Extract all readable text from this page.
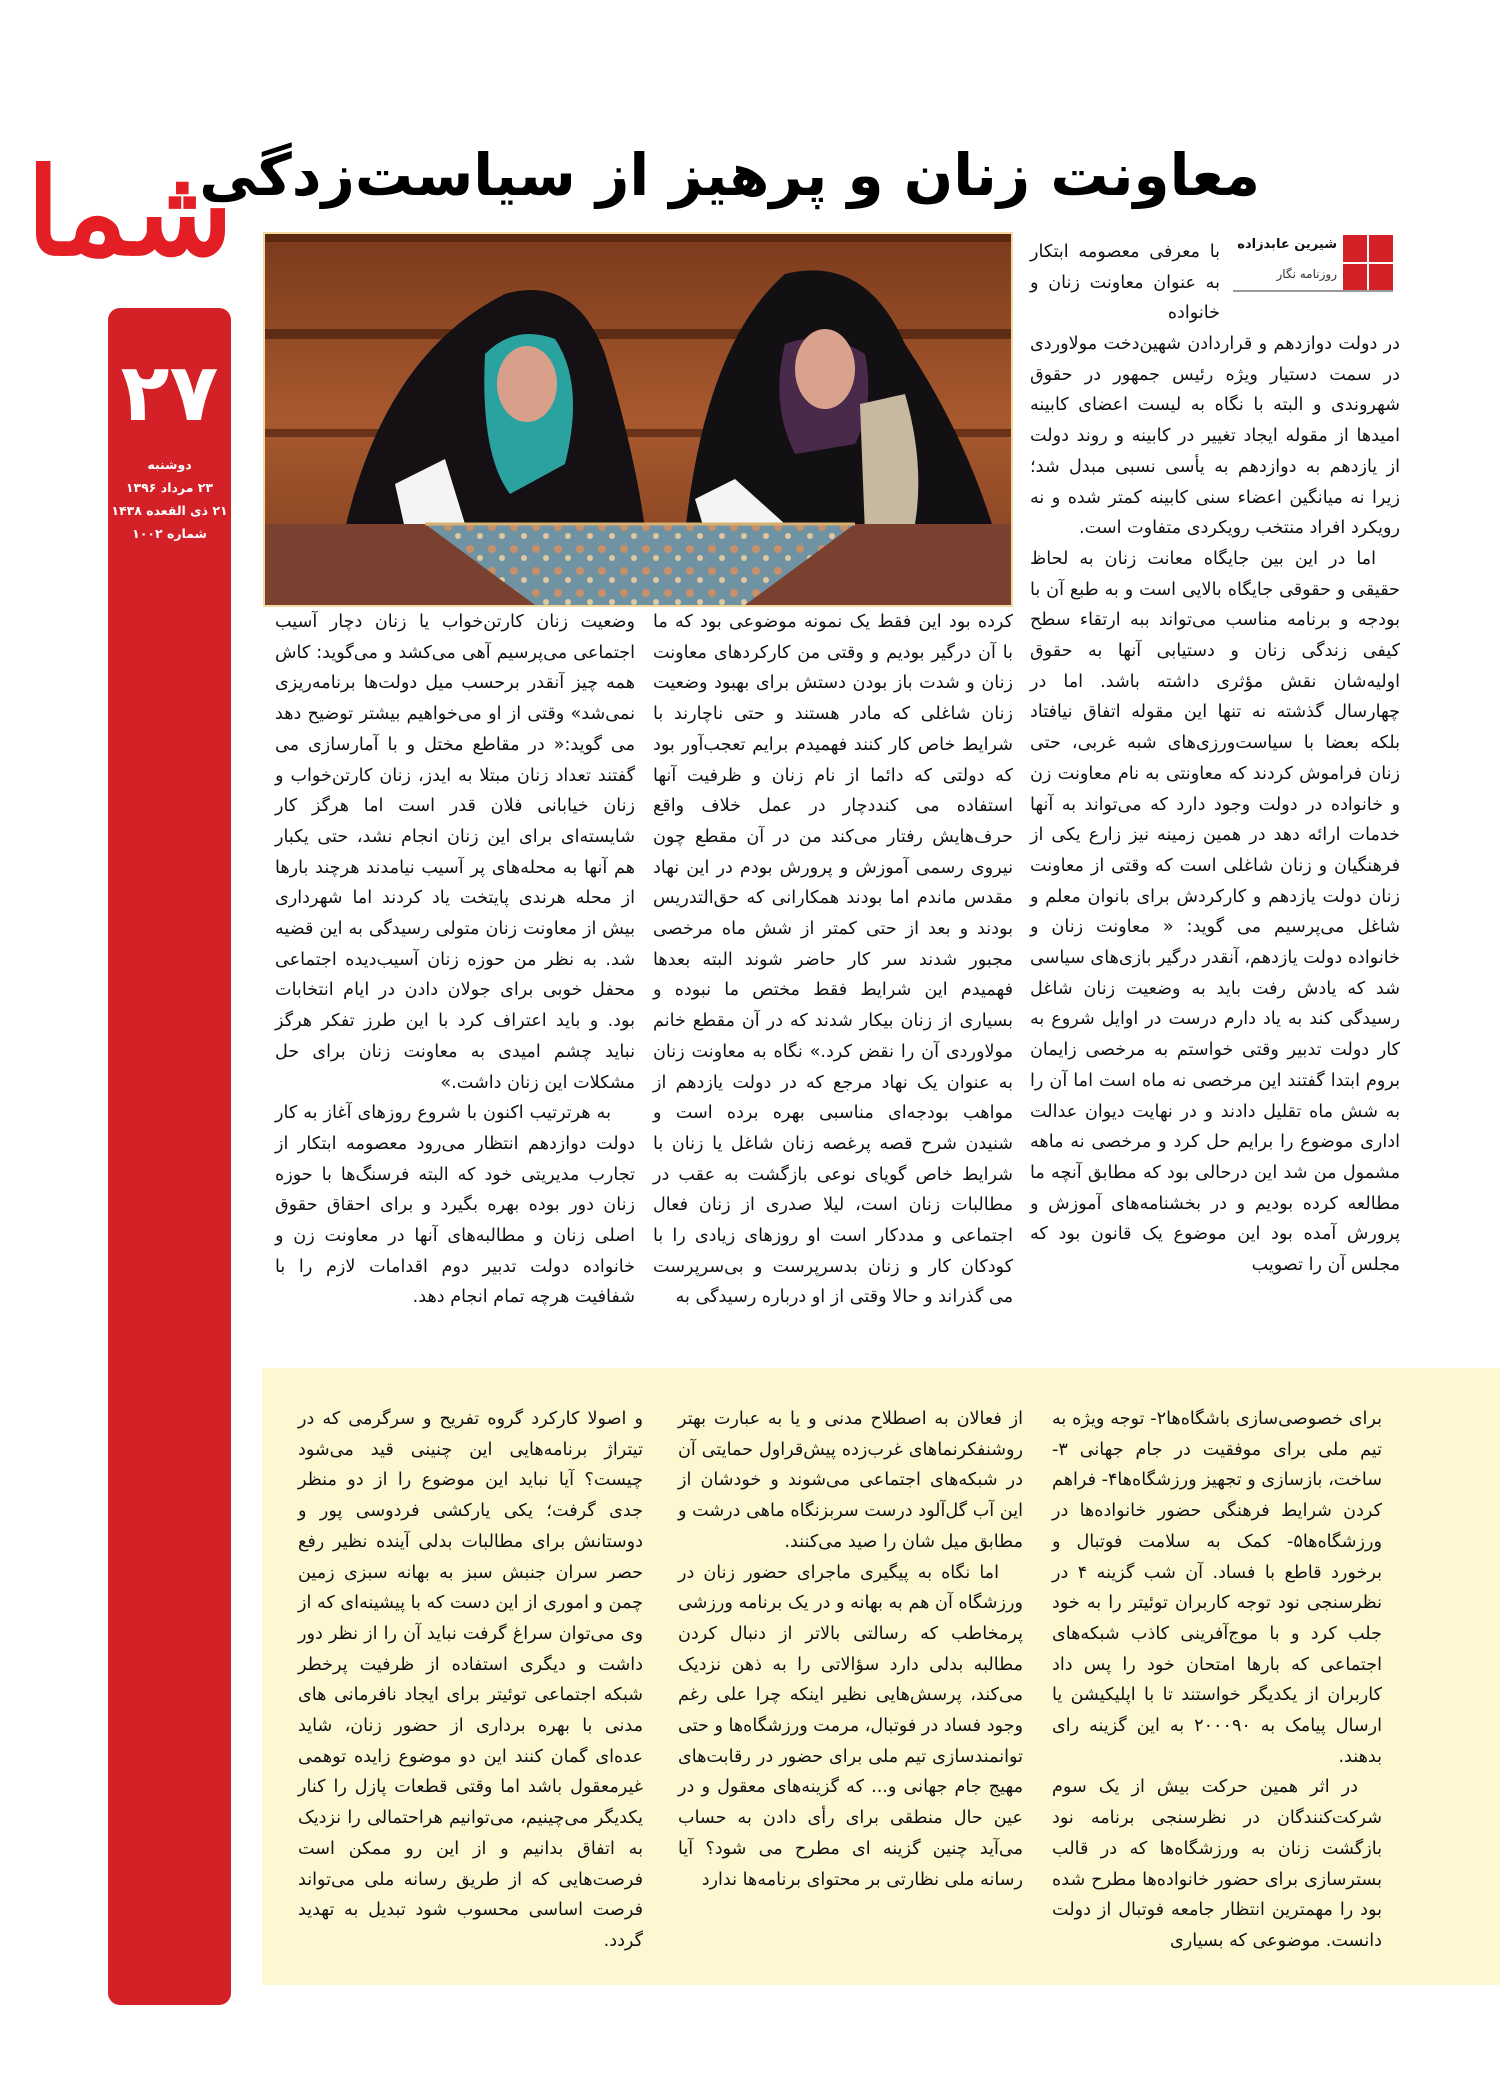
شما
۲۷
دوشنبه
۲۳ مرداد ۱۳۹۶
۲۱ ذی القعده ۱۴۳۸
شماره ۱۰۰۲
معاونت زنان و پرهیز از سیاست‌زدگی
شیرین عابدزاده
روزنامه نگار
با معرفی معصومه ابتکار به عنوان معاونت زنان و خانواده

در دولت دوازدهم و قراردادن شهین‌دخت مولاوردی در سمت دستیار ویژه رئیس جمهور در حقوق شهروندی و البته با نگاه به لیست اعضای کابینه امیدها از مقوله ایجاد تغییر در کابینه و روند دولت از یازدهم به دوازدهم به یأسی نسبی مبدل شد؛ زیرا نه میانگین اعضاء سنی کابینه کمتر شده و نه رویکرد افراد منتخب رویکردی متفاوت است.

اما در این بین جایگاه معانت زنان به لحاظ حقیقی و حقوقی جایگاه بالایی است و به طبع آن با بودجه و برنامه مناسب می‌تواند ببه ارتقاء سطح کیفی زندگی زنان و دستیابی آنها به حقوق اولیه‌شان نقش مؤثری داشته باشد. اما در چهارسال گذشته نه تنها این مقوله اتفاق نیافتاد بلکه بعضا با سیاست‌ورزی‌های شبه غربی، حتی زنان فراموش کردند که معاونتی به نام معاونت زن و خانواده در دولت وجود دارد که می‌تواند به آنها خدمات ارائه دهد در همین زمینه نیز زارع یکی از فرهنگیان و زنان شاغلی است که وقتی از معاونت زنان دولت یازدهم و کارکردش برای بانوان معلم و شاغل می‌پرسیم می گوید: « معاونت زنان و خانواده دولت یازدهم، آنقدر درگیر بازی‌های سیاسی شد که یادش رفت باید به وضعیت زنان شاغل رسیدگی کند به یاد دارم درست در اوایل شروع به کار دولت تدبیر وقتی خواستم به مرخصی زایمان بروم ابتدا گفتند این مرخصی نه ماه است اما آن را به شش ماه تقلیل دادند و در نهایت دیوان عدالت اداری موضوع را برایم حل کرد و مرخصی نه ماهه مشمول من شد این درحالی بود که مطابق آنچه ما مطالعه کرده بودیم و در بخشنامه‌های آموزش و پرورش آمده بود این موضوع یک قانون بود که مجلس آن را تصویب

کرده بود این فقط یک نمونه موضوعی بود که ما با آن درگیر بودیم و وقتی من کارکردهای معاونت زنان و شدت باز بودن دستش برای بهبود وضعیت زنان شاغلی که مادر هستند و حتی ناچارند با شرایط خاص کار کنند فهمیدم برایم تعجب‌آور بود که دولتی که دائما از نام زنان و ظرفیت آنها استفاده می کنددچار در عمل خلاف واقع حرف‌هایش رفتار می‌کند من در آن مقطع چون نیروی رسمی آموزش و پرورش بودم در این نهاد مقدس ماندم اما بودند همکارانی که حق‌التدریس بودند و بعد از حتی کمتر از شش ماه مرخصی مجبور شدند سر کار حاضر شوند البته بعدها فهمیدم این شرایط فقط مختص ما نبوده و بسیاری از زنان بیکار شدند که در آن مقطع خانم مولاوردی آن را نقض کرد.» نگاه به معاونت زنان به عنوان یک نهاد مرجع که در دولت یازدهم از مواهب بودجه‌ای مناسبی بهره برده است و شنیدن شرح قصه پرغصه زنان شاغل یا زنان با شرایط خاص گویای نوعی بازگشت به عقب در مطالبات زنان است، لیلا صدری از زنان فعال اجتماعی و مددکار است او روزهای زیادی را با کودکان کار و زنان بدسرپرست و بی‌سرپرست می گذراند و حالا وقتی از او درباره رسیدگی به

وضعیت زنان کارتن‌خواب یا زنان دچار آسیب اجتماعی می‌پرسیم آهی می‌کشد و می‌گوید: کاش همه چیز آنقدر برحسب میل دولت‌ها برنامه‌ریزی نمی‌شد» وقتی از او می‌خواهیم بیشتر توضیح دهد می گوید:« در مقاطع مختل و با آمارسازی می گفتند تعداد زنان مبتلا به ایدز، زنان کارتن‌خواب و زنان خیابانی فلان قدر است اما هرگز کار شایسته‌ای برای این زنان انجام نشد، حتی یکبار هم آنها به محله‌های پر آسیب نیامدند هرچند بارها از محله هرندی پایتخت یاد کردند اما شهرداری بیش از معاونت زنان متولی رسیدگی به این قضیه شد. به نظر من حوزه زنان آسیب‌دیده اجتماعی محفل خوبی برای جولان دادن در ایام انتخابات بود. و باید اعتراف کرد با این طرز تفکر هرگز نباید چشم امیدی به معاونت زنان برای حل مشکلات این زنان داشت.»

به هرترتیب اکنون با شروع روزهای آغاز به کار دولت دوازدهم انتظار می‌رود معصومه ابتکار از تجارب مدیریتی خود که البته فرسنگ‌ها با حوزه زنان دور بوده بهره بگیرد و برای احقاق حقوق اصلی زنان و مطالبه‌های آنها در معاونت زن و خانواده دولت تدبیر دوم اقدامات لازم را با شفافیت هرچه تمام انجام دهد.

برای خصوصی‌سازی باشگاه‌ها۲- توجه ویژه به تیم ملی برای موفقیت در جام جهانی ۳- ساخت، بازسازی و تجهیز ورزشگاه‌ها۴- فراهم کردن شرایط فرهنگی حضور خانواده‌ها در ورزشگاه‌ها۵- کمک به سلامت فوتبال و برخورد قاطع با فساد. آن شب گزینه ۴ در نظرسنجی نود توجه کاربران توئیتر را به خود جلب کرد و با موج‌آفرینی کاذب شبکه‌های اجتماعی که بارها امتحان خود را پس داد کاربران از یکدیگر خواستند تا با اپلیکیشن یا ارسال پیامک به ۲۰۰۰۹۰ به این گزینه رای بدهند.

در اثر همین حرکت بیش از یک سوم شرکت‌کنندگان در نظرسنجی برنامه نود بازگشت زنان به ورزشگاه‌ها که در قالب بسترسازی برای حضور خانواده‌ها مطرح شده بود را مهمترین انتظار جامعه فوتبال از دولت دانست. موضوعی که بسیاری

از فعالان به اصطلاح مدنی و یا به عبارت بهتر روشنفکرنماهای غرب‌زده پیش‌قراول حمایتی آن در شبکه‌های اجتماعی می‌شوند و خودشان از این آب گل‌آلود درست سربزنگاه ماهی درشت و مطابق میل شان را صید می‌کنند.

اما نگاه به پیگیری ماجرای حضور زنان در ورزشگاه آن هم به بهانه و در یک برنامه ورزشی پرمخاطب که رسالتی بالاتر از دنبال کردن مطالبه بدلی دارد سؤالاتی را به ذهن نزدیک می‌کند، پرسش‌هایی نظیر اینکه چرا علی رغم وجود فساد در فوتبال، مرمت ورزشگاه‌ها و حتی توانمندسازی تیم ملی برای حضور در رقابت‌های مهیج جام جهانی و... که گزینه‌های معقول و در عین حال منطقی برای رأی دادن به حساب می‌آید چنین گزینه ای مطرح می شود؟ آیا رسانه ملی نظارتی بر محتوای برنامه‌ها ندارد

و اصولا کارکرد گروه تفریح و سرگرمی که در تیتراژ برنامه‌هایی این چنینی قید می‌شود چیست؟ آیا نباید این موضوع را از دو منظر جدی گرفت؛ یکی یارکشی فردوسی پور و دوستانش برای مطالبات بدلی آینده نظیر رفع حصر سران جنبش سبز به بهانه سبزی زمین چمن و اموری از این دست که با پیشینه‌ای که از وی می‌توان سراغ گرفت نباید آن را از نظر دور داشت و دیگری استفاده از ظرفیت پرخطر شبکه اجتماعی توئیتر برای ایجاد نافرمانی های مدنی با بهره برداری از حضور زنان، شاید عده‌ای گمان کنند این دو موضوع زایده توهمی غیرمعقول باشد اما وقتی قطعات پازل را کنار یکدیگر می‌چینیم، می‌توانیم هراحتمالی را نزدیک به اتفاق بدانیم و از این رو ممکن است فرصت‌هایی که از طریق رسانه ملی می‌تواند فرصت اساسی محسوب شود تبدیل به تهدید گردد.
